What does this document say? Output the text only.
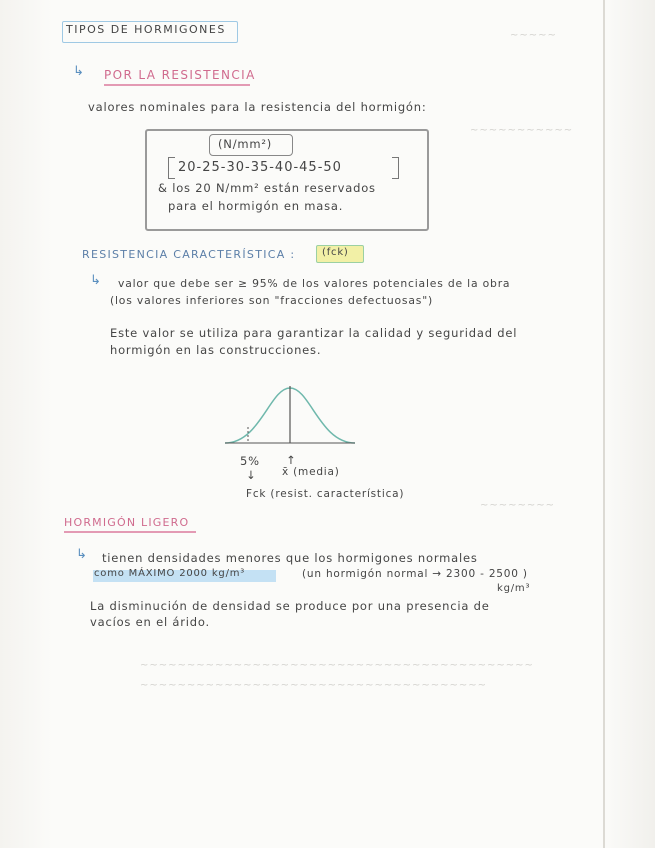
~~~~~
~~~~~~~~~~~
~~~~~~~~
~~~~~~~~~~~~~~~~~~~~~~~~~~~~~~~~~~~~~~~~~~
~~~~~~~~~~~~~~~~~~~~~~~~~~~~~~~~~~~~~
TIPOS DE HORMIGONES
↳ POR LA RESISTENCIA
valores nominales para la resistencia del hormigón:
(N/mm²)
20-25-30-35-40-45-50
& los 20 N/mm² están reservados
para el hormigón en masa.
RESISTENCIA CARACTERÍSTICA :	(fck)
↳ valor que debe ser ≥ 95% de los valores potenciales de la obra
(los valores inferiores son "fracciones defectuosas")
Este valor se utiliza para garantizar la calidad y seguridad del
hormigón en las construcciones.
5%
↓
↑
x̄ (media)
Fck (resist. característica)
HORMIGÓN LIGERO
↳ tienen densidades menores que los hormigones normales
como MÁXIMO 2000 kg/m³	(un hormigón normal → 2300 - 2500 )
kg/m³
La disminución de densidad se produce por una presencia de
vacíos en el árido.
